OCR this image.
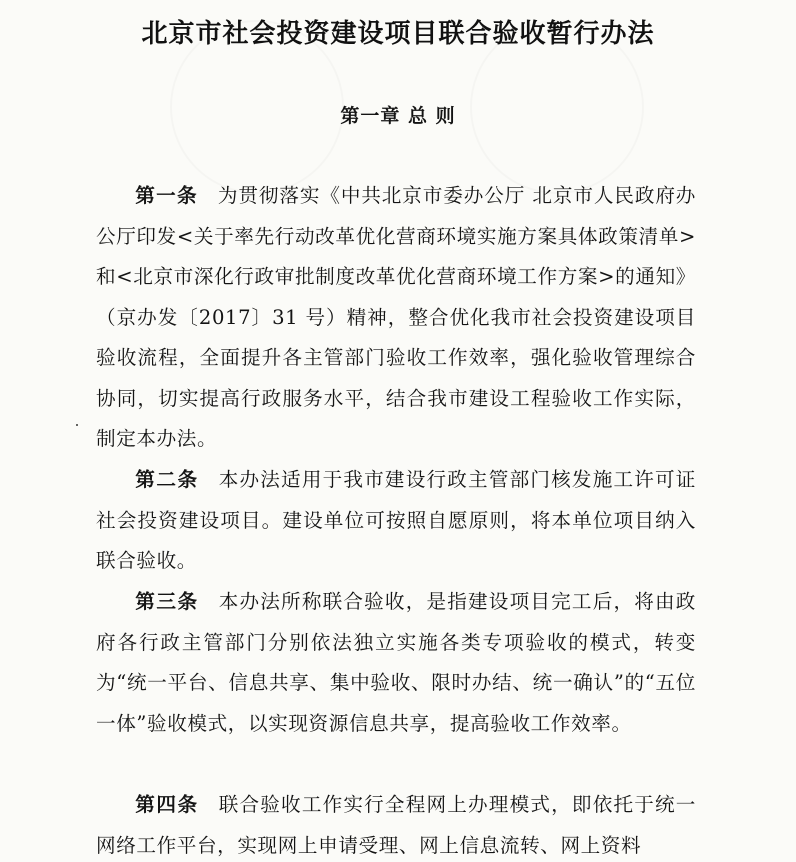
北京市社会投资建设项目联合验收暂行办法
第一章 总 则

第一条 为贯彻落实《中共北京市委办公厅 北京市人民政府办公厅印发<关于率先行动改革优化营商环境实施方案具体政策清单>和<北京市深化行政审批制度改革优化营商环境工作方案>的通知》（京办发〔2017〕31 号）精神，整合优化我市社会投资建设项目验收流程，全面提升各主管部门验收工作效率，强化验收管理综合协同，切实提高行政服务水平，结合我市建设工程验收工作实际，制定本办法。

第二条 本办法适用于我市建设行政主管部门核发施工许可证社会投资建设项目。建设单位可按照自愿原则，将本单位项目纳入联合验收。

第三条 本办法所称联合验收，是指建设项目完工后，将由政府各行政主管部门分别依法独立实施各类专项验收的模式，转变为“统一平台、信息共享、集中验收、限时办结、统一确认”的“五位一体”验收模式，以实现资源信息共享，提高验收工作效率。

第四条 联合验收工作实行全程网上办理模式，即依托于统一网络工作平台，实现网上申请受理、网上信息流转、网上资料
